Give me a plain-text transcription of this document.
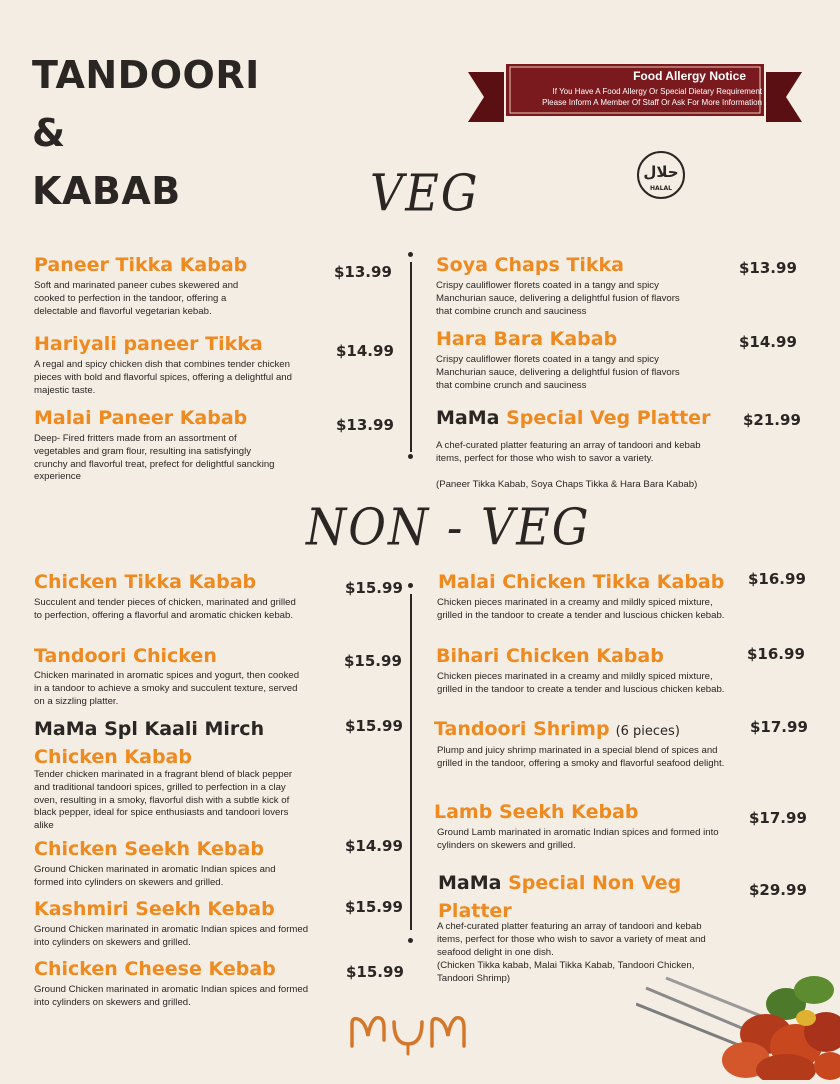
TANDOORI
&
KABAB
Food Allergy Notice
If You Have A Food Allergy Or Special Dietary Requirement
Please Inform A Member Of Staff Or Ask For More Information
حلال
HALAL
VEG
NON - VEG
Paneer Tikka Kabab	$13.99
Soft and marinated paneer cubes skewered and cooked to perfection in the tandoor, offering a delectable and flavorful vegetarian kebab.
Hariyali paneer Tikka	$14.99
A regal and spicy chicken dish that combines tender chicken pieces with bold and flavorful spices, offering a delightful and majestic taste.
Malai Paneer Kabab	$13.99
Deep- Fired fritters made from an assortment of vegetables and gram flour, resulting ina satisfyingly crunchy and flavorful treat, prefect for delightful sancking experience
Soya Chaps Tikka	$13.99
Crispy cauliflower florets coated in a tangy and spicy Manchurian sauce, delivering a delightful fusion of flavors that combine crunch and sauciness
Hara Bara Kabab	$14.99
Crispy cauliflower florets coated in a tangy and spicy Manchurian sauce, delivering a delightful fusion of flavors that combine crunch and sauciness
MaMa Special Veg Platter $21.99
A chef-curated platter featuring an array of tandoori and kebab items, perfect for those who wish to savor a variety.
(Paneer Tikka Kabab, Soya Chaps Tikka & Hara Bara Kabab)
Chicken Tikka Kabab	$15.99
Succulent and tender pieces of chicken, marinated and grilled to perfection, offering a flavorful and aromatic chicken kebab.
Tandoori Chicken	$15.99
Chicken marinated in aromatic spices and yogurt, then cooked in a tandoor to achieve a smoky and succulent texture, served on a sizzling platter.
MaMa Spl Kaali Mirch
Chicken Kabab
$15.99
Tender chicken marinated in a fragrant blend of black pepper and traditional tandoori spices, grilled to perfection in a clay oven, resulting in a smoky, flavorful dish with a subtle kick of black pepper, ideal for spice enthusiasts and tandoori lovers alike
Chicken Seekh Kebab	$14.99
Ground Chicken marinated in aromatic Indian spices and formed into cylinders on skewers and grilled.
Kashmiri Seekh Kebab	$15.99
Ground Chicken marinated in aromatic Indian spices and formed into cylinders on skewers and grilled.
Chicken Cheese Kebab	$15.99
Ground Chicken marinated in aromatic Indian spices and formed into cylinders on skewers and grilled.
Malai Chicken Tikka Kabab $16.99
Chicken pieces marinated in a creamy and mildly spiced mixture, grilled in the tandoor to create a tender and luscious chicken kebab.
Bihari Chicken Kabab	$16.99
Chicken pieces marinated in a creamy and mildly spiced mixture, grilled in the tandoor to create a tender and luscious chicken kebab.
Tandoori Shrimp (6 pieces)	$17.99
Plump and juicy shrimp marinated in a special blend of spices and grilled in the tandoor, offering a smoky and flavorful seafood delight.
Lamb Seekh Kebab	$17.99
Ground Lamb marinated in aromatic Indian spices and formed into cylinders on skewers and grilled.
MaMa Special Non Veg
Platter
$29.99
A chef-curated platter featuring an array of tandoori and kebab items, perfect for those who wish to savor a variety of meat and seafood delight in one dish.
(Chicken Tikka kabab, Malai Tikka Kabab, Tandoori Chicken, Tandoori Shrimp)
